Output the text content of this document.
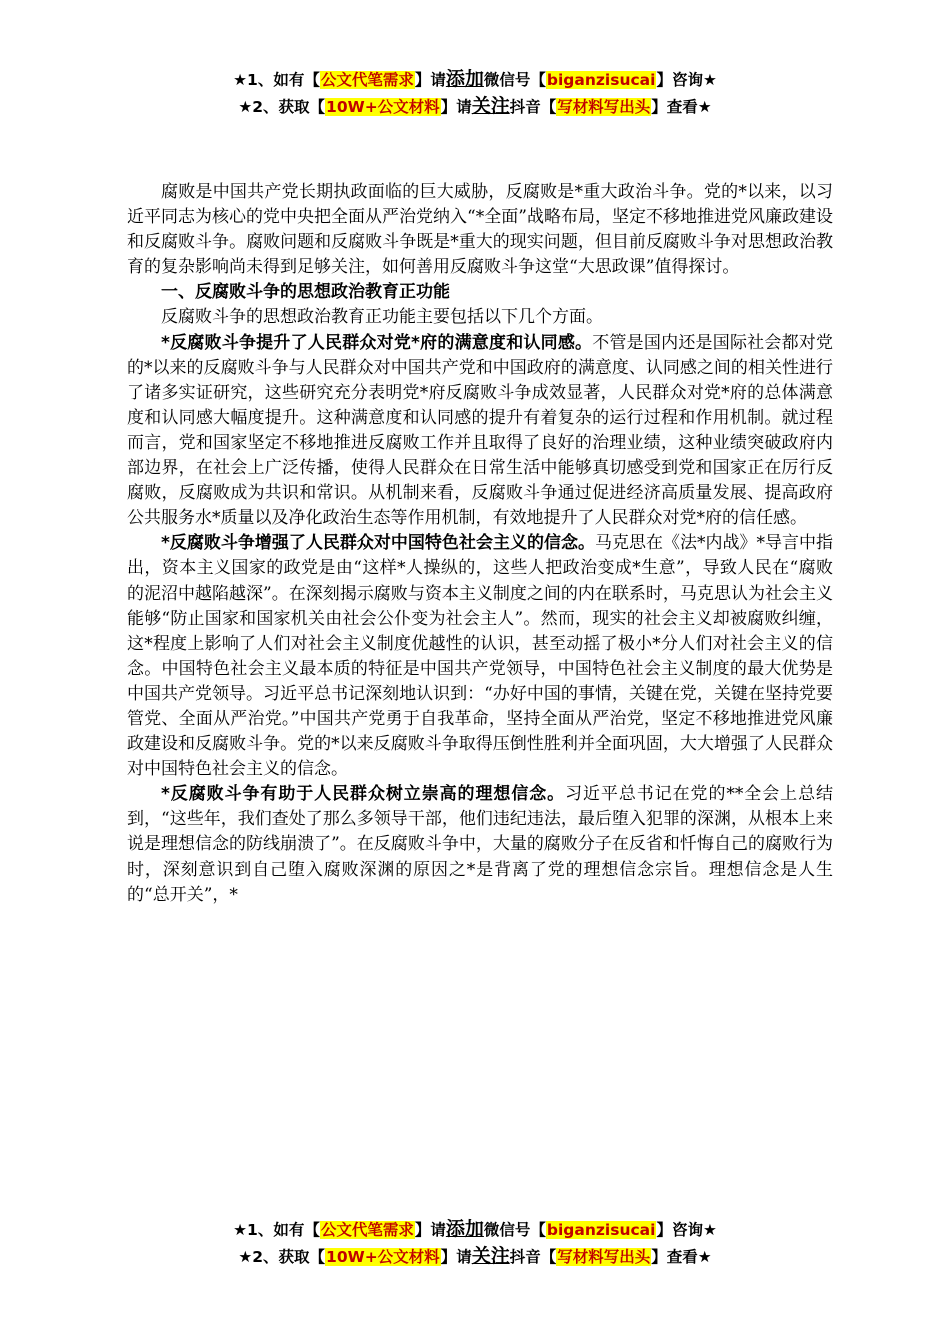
★1、如有【公文代笔需求】请添加微信号【biganzisucai】咨询★
★2、获取【10W+公文材料】请关注抖音【写材料写出头】查看★

腐败是中国共产党长期执政面临的巨大威胁，反腐败是*重大政治斗争。党的*以来，以习近平同志为核心的党中央把全面从严治党纳入“*全面”战略布局，坚定不移地推进党风廉政建设和反腐败斗争。腐败问题和反腐败斗争既是*重大的现实问题，但目前反腐败斗争对思想政治教育的复杂影响尚未得到足够关注，如何善用反腐败斗争这堂“大思政课”值得探讨。

一、反腐败斗争的思想政治教育正功能

反腐败斗争的思想政治教育正功能主要包括以下几个方面。

*反腐败斗争提升了人民群众对党*府的满意度和认同感。不管是国内还是国际社会都对党的*以来的反腐败斗争与人民群众对中国共产党和中国政府的满意度、认同感之间的相关性进行了诸多实证研究，这些研究充分表明党*府反腐败斗争成效显著，人民群众对党*府的总体满意度和认同感大幅度提升。这种满意度和认同感的提升有着复杂的运行过程和作用机制。就过程而言，党和国家坚定不移地推进反腐败工作并且取得了良好的治理业绩，这种业绩突破政府内部边界，在社会上广泛传播，使得人民群众在日常生活中能够真切感受到党和国家正在厉行反腐败，反腐败成为共识和常识。从机制来看，反腐败斗争通过促进经济高质量发展、提高政府公共服务水*质量以及净化政治生态等作用机制，有效地提升了人民群众对党*府的信任感。

*反腐败斗争增强了人民群众对中国特色社会主义的信念。马克思在《法*内战》*导言中指出，资本主义国家的政党是由“这样*人操纵的，这些人把政治变成*生意”，导致人民在“腐败的泥沼中越陷越深”。在深刻揭示腐败与资本主义制度之间的内在联系时，马克思认为社会主义能够“防止国家和国家机关由社会公仆变为社会主人”。然而，现实的社会主义却被腐败纠缠，这*程度上影响了人们对社会主义制度优越性的认识，甚至动摇了极小*分人们对社会主义的信念。中国特色社会主义最本质的特征是中国共产党领导，中国特色社会主义制度的最大优势是中国共产党领导。习近平总书记深刻地认识到：“办好中国的事情，关键在党，关键在坚持党要管党、全面从严治党。”中国共产党勇于自我革命，坚持全面从严治党，坚定不移地推进党风廉政建设和反腐败斗争。党的*以来反腐败斗争取得压倒性胜利并全面巩固，大大增强了人民群众对中国特色社会主义的信念。

*反腐败斗争有助于人民群众树立崇高的理想信念。习近平总书记在党的**全会上总结到，“这些年，我们查处了那么多领导干部，他们违纪违法，最后堕入犯罪的深渊，从根本上来说是理想信念的防线崩溃了”。在反腐败斗争中，大量的腐败分子在反省和忏悔自己的腐败行为时，深刻意识到自己堕入腐败深渊的原因之*是背离了党的理想信念宗旨。理想信念是人生的“总开关”，*

★1、如有【公文代笔需求】请添加微信号【biganzisucai】咨询★
★2、获取【10W+公文材料】请关注抖音【写材料写出头】查看★
